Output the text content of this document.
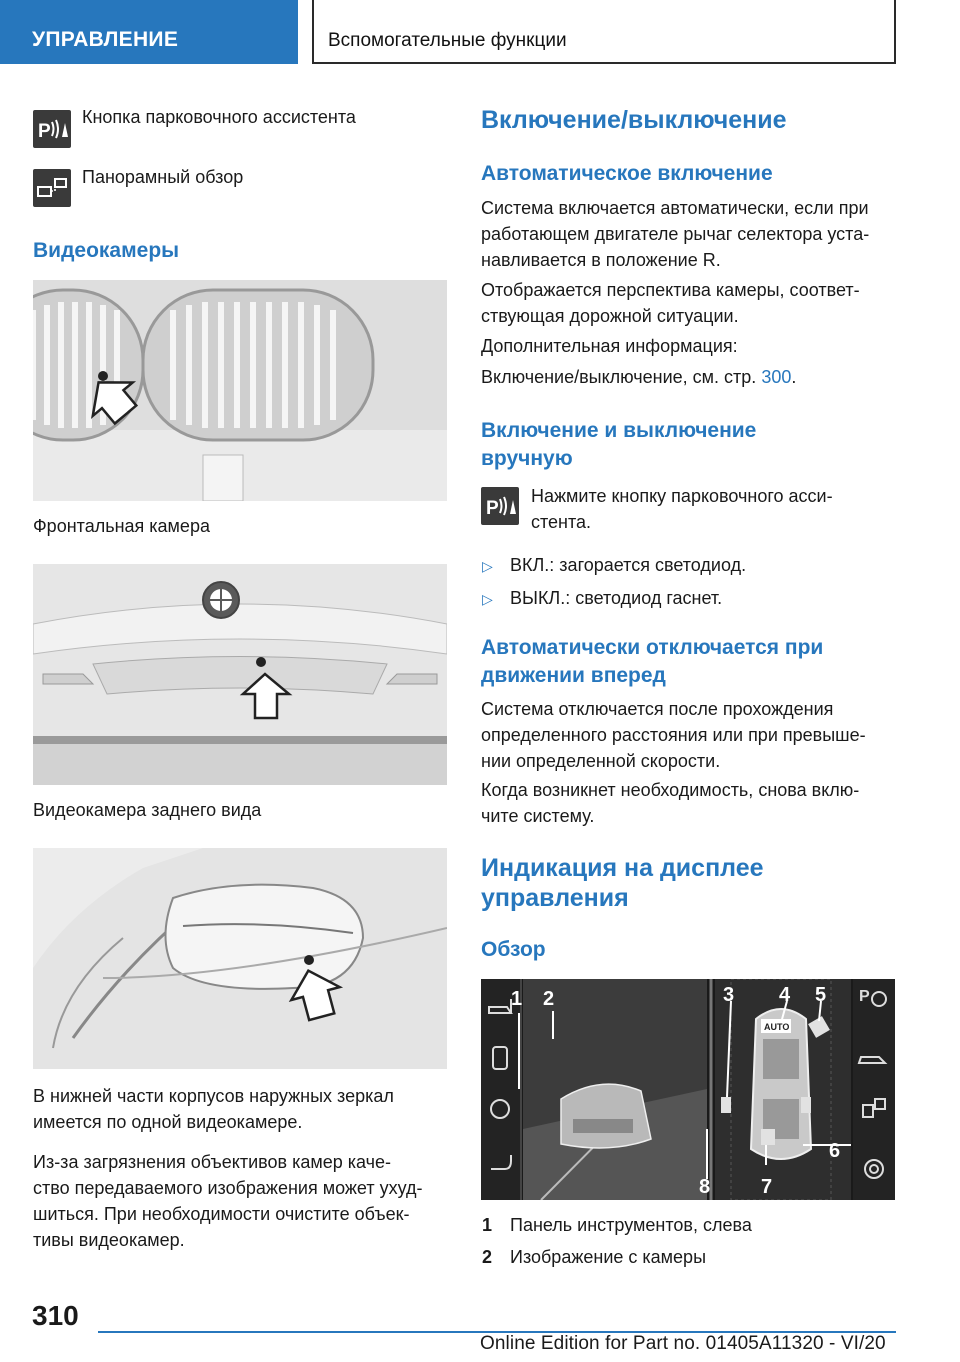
УПРАВЛЕНИЕ	Вспомогательные функции
P
Кнопка парковочного ассистента
Панорамный обзор
Видеокамеры
Фронтальная камера
Видеокамера заднего вида
В нижней части корпусов наружных зеркал
имеется по одной видеокамере.
Из-за загрязнения объективов камер каче-
ство передаваемого изображения может ухуд-
шиться. При необходимости очистите объек-
тивы видеокамер.
Включение/выключение
Автоматическое включение
Система включается автоматически, если при
работающем двигателе рычаг селектора уста-
навливается в положение R.
Отображается перспектива камеры, соответ-
ствующая дорожной ситуации.
Дополнительная информация:
Включение/выключение, см. стр. 300.
Включение и выключение
вручную
P
Нажмите кнопку парковочного асси-
стента.
▷ ВКЛ.: загорается светодиод.
▷ ВЫКЛ.: светодиод гаснет.
Автоматически отключается при
движении вперед
Система отключается после прохождения
определенного расстояния или при превыше-
нии определенной скорости.
Когда возникнет необходимость, снова вклю-
чите систему.
Индикация на дисплее
управления
Обзор
AUTO
P
1 2	3 4 5
6
7
8
1 Панель инструментов, слева
2 Изображение с камеры
310
Online Edition for Part no. 01405A11320 - VI/20
